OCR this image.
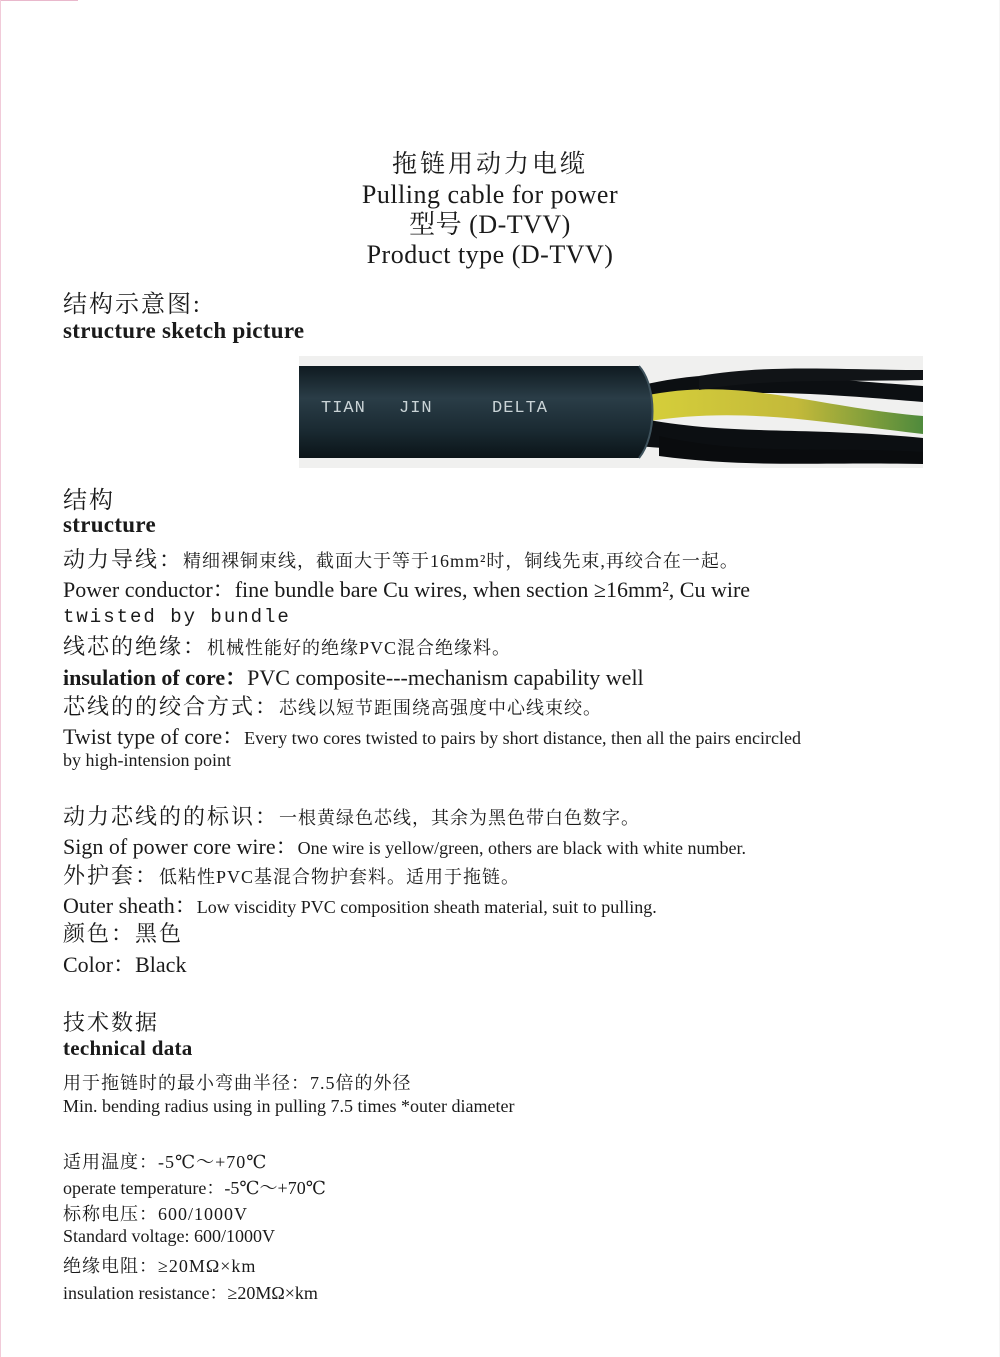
拖链用动力电缆
Pulling cable for power
型号 (D-TVV)
Product type (D-TVV)
结构示意图:
structure sketch picture
TIAN JIN	DELTA
结构
structure
动力导线：精细裸铜束线，截面大于等于16mm²时，铜线先束,再绞合在一起。
Power conductor：fine bundle bare Cu wires, when section ≥16mm², Cu wire
twisted by bundle
线芯的绝缘：机械性能好的绝缘PVC混合绝缘料。
insulation of core：PVC composite---mechanism capability well
芯线的的绞合方式：芯线以短节距围绕高强度中心线束绞。
Twist type of core：Every two cores twisted to pairs by short distance, then all the pairs encircled
by high-intension point
动力芯线的的标识：一根黄绿色芯线，其余为黑色带白色数字。
Sign of power core wire：One wire is yellow/green, others are black with white number.
外护套：低粘性PVC基混合物护套料。适用于拖链。
Outer sheath：Low viscidity PVC composition sheath material, suit to pulling.
颜色：黑色
Color：Black
技术数据
technical data
用于拖链时的最小弯曲半径：7.5倍的外径
Min. bending radius using in pulling 7.5 times *outer diameter
适用温度：-5℃～+70℃
operate temperature：-5℃～+70℃
标称电压：600/1000V
Standard voltage: 600/1000V
绝缘电阻：≥20MΩ×km
insulation resistance：≥20MΩ×km
